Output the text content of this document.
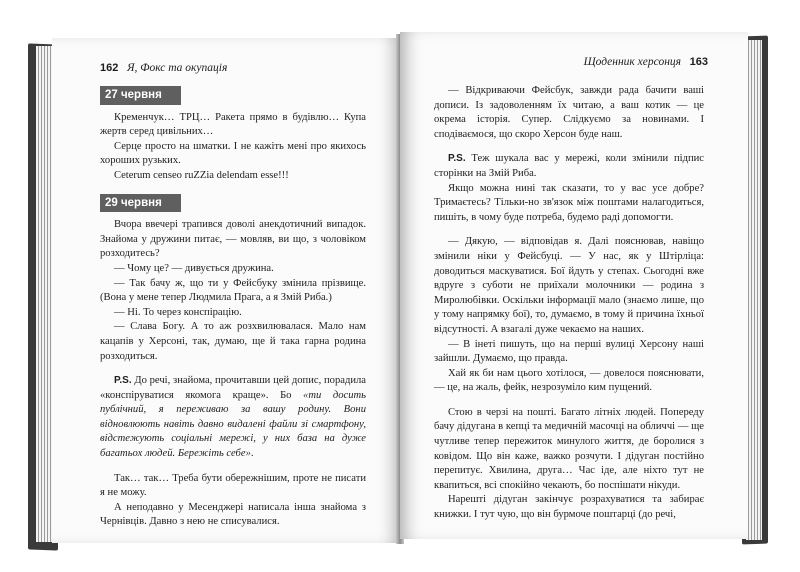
162 Я, Фокс та окупація
27 червня

Кременчук… ТРЦ… Ракета прямо в будівлю… Купа жертв серед цивільних…

Серце просто на шматки. І не кажіть мені про якихось хороших рузьких.

Ceterum censeo ruZZia delendam esse!!!

29 червня

Вчора ввечері трапився доволі анекдотичний випадок. Знайома у дружини питає, — мовляв, ви що, з чоловіком розходитесь?

— Чому це? — дивується дружина.

— Так бачу ж, що ти у Фейсбуку змінила прізвище. (Вона у мене тепер Людмила Прага, а я Змій Риба.)

— Ні. То через конспірацію.

— Слава Богу. А то аж розхвилювалася. Мало нам кацапів у Херсоні, так, думаю, ще й така гарна родина розходиться.

P.S. До речі, знайома, прочитавши цей допис, порадила «конспіруватися якомога краще». Бо «ти досить публічний, я переживаю за вашу родину. Вони відновлюють навіть давно видалені файли зі смартфону, відстежують соціальні мережі, у них база на дуже багатьох людей. Бережіть себе».

Так… так… Треба бути обережнішим, проте не писати я не можу.

А неподавно у Месенджері написала інша знайома з Чернівців. Давно з нею не списувалися.

Щоденник херсонця 163

— Відкриваючи Фейсбук, завжди рада бачити ваші дописи. Із задоволенням їх читаю, а ваш котик — це окрема історія. Супер. Слідкуємо за новинами. І сподіваємося, що скоро Херсон буде наш.

P.S. Теж шукала вас у мережі, коли змінили підпис сторінки на Змій Риба.

Якщо можна нині так сказати, то у вас усе добре? Тримаєтесь? Тільки-но зв'язок між поштами налагодиться, пишіть, в чому буде потреба, будемо раді допомогти.

— Дякую, — відповідав я. Далі пояснював, навіщо змінили ніки у Фейсбуці. — У нас, як у Штірліца: доводиться маскуватися. Бої йдуть у степах. Сьогодні вже вдруге з суботи не приїхали молочники — родина з Миролюбівки. Оскільки інформації мало (знаємо лише, що у тому напрямку бої), то, думаємо, в тому й причина їхньої відсутності. А взагалі дуже чекаємо на наших.

— В інеті пишуть, що на перші вулиці Херсону наші зайшли. Думаємо, що правда.

Хай як би нам цього хотілося, — довелося пояснювати, — це, на жаль, фейк, незрозуміло ким пущений.

Стою в черзі на пошті. Багато літніх людей. Попереду бачу дідугана в кепці та медичній масочці на обличчі — ще чутливе тепер пережиток минулого життя, де боролися з ковідом. Що він каже, важко розчути. І дідуган постійно перепитує. Хвилина, друга… Час іде, але ніхто тут не квапиться, всі спокійно чекають, бо поспішати нікуди.

Нарешті дідуган закінчує розрахуватися та забирає книжки. І тут чую, що він бурмоче поштарці (до речі,
